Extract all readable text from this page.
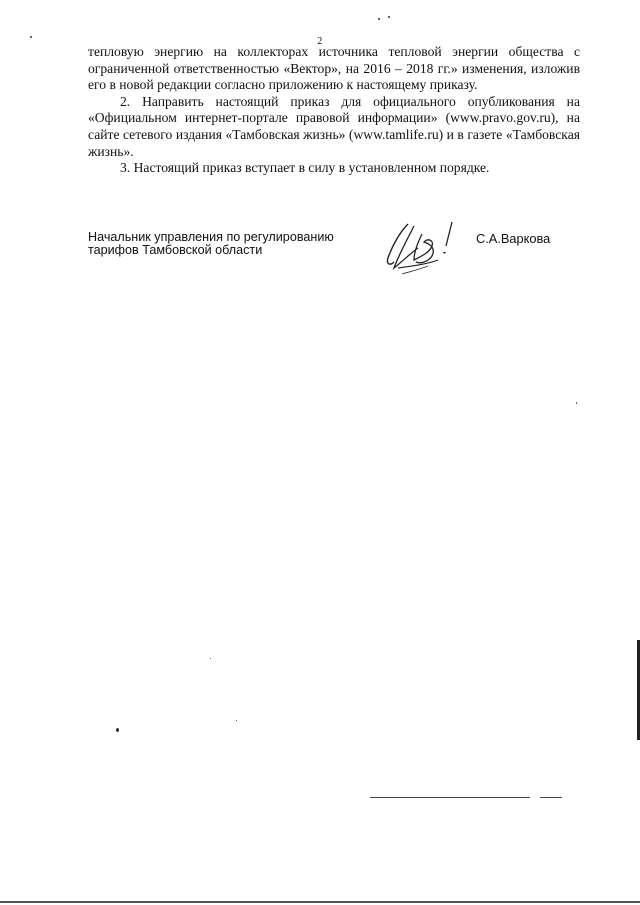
2

тепловую энергию на коллекторах источника тепловой энергии общества с ограниченной ответственностью «Вектор», на 2016 – 2018 гг.» изменения, изложив его в новой редакции согласно приложению к настоящему приказу.

2. Направить настоящий приказ для официального опубликования на «Официальном интернет-портале правовой информации» (www.pravo.gov.ru), на сайте сетевого издания «Тамбовская жизнь» (www.tamlife.ru) и в газете «Тамбовская жизнь».

3. Настоящий приказ вступает в силу в установленном порядке.

Начальник управления по регулированию
тарифов Тамбовской области
С.А.Варкова
